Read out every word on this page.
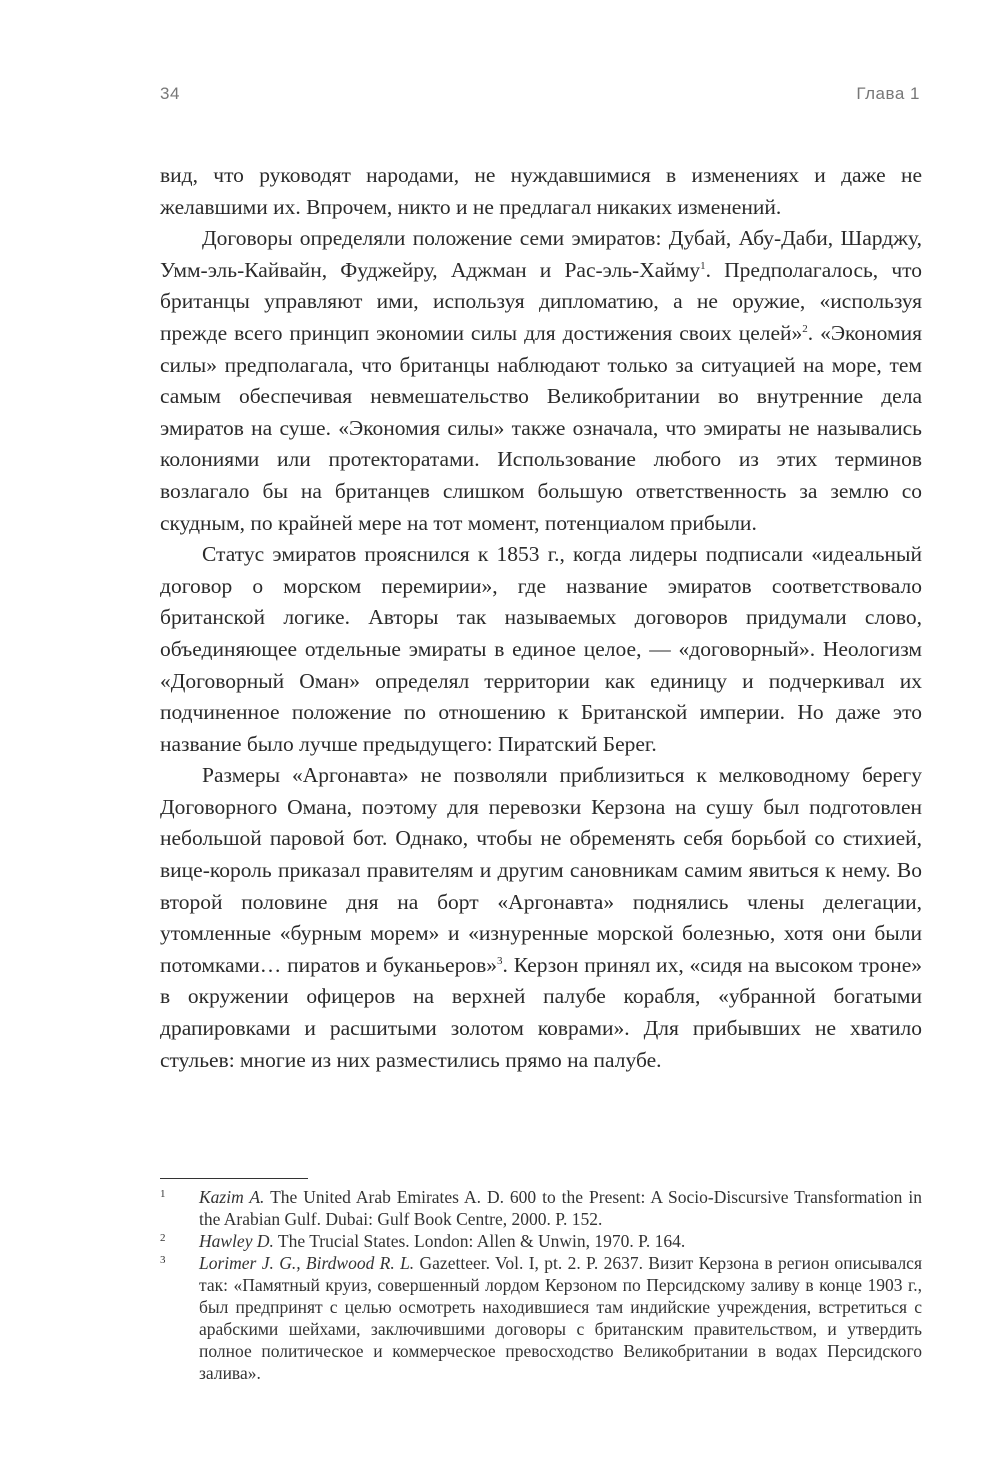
34	Глава 1

вид, что руководят народами, не нуждавшимися в изменениях и даже не желавшими их. Впрочем, никто и не предлагал никаких изменений.

Договоры определяли положение семи эмиратов: Дубай, Абу-Даби, Шарджу, Умм-эль-Кайвайн, Фуджейру, Аджман и Рас-эль-Хайму$^1$. Предполагалось, что британцы управляют ими, используя дипломатию, а не оружие, «используя прежде всего принцип экономии силы для достижения своих целей»$^2$. «Экономия силы» предполагала, что британцы наблюдают только за ситуацией на море, тем самым обеспечивая невмешательство Великобритании во внутренние дела эмиратов на суше. «Экономия силы» также означала, что эмираты не назывались колониями или протекторатами. Использование любого из этих терминов возлагало бы на британцев слишком большую ответственность за землю со скудным, по крайней мере на тот момент, потенциалом прибыли.

Статус эмиратов прояснился к 1853 г., когда лидеры подписали «идеальный договор о морском перемирии», где название эмиратов соответствовало британской логике. Авторы так называемых договоров придумали слово, объединяющее отдельные эмираты в единое целое, — «договорный». Неологизм «Договорный Оман» определял территории как единицу и подчеркивал их подчиненное положение по отношению к Британской империи. Но даже это название было лучше предыдущего: Пиратский Берег.

Размеры «Аргонавта» не позволяли приблизиться к мелководному берегу Договорного Омана, поэтому для перевозки Керзона на сушу был подготовлен небольшой паровой бот. Однако, чтобы не обременять себя борьбой со стихией, вице-король приказал правителям и другим сановникам самим явиться к нему. Во второй половине дня на борт «Аргонавта» поднялись члены делегации, утомленные «бурным морем» и «изнуренные морской болезнью, хотя они были потомками… пиратов и буканьеров»$^3$. Керзон принял их, «сидя на высоком троне» в окружении офицеров на верхней палубе корабля, «убранной богатыми драпировками и расшитыми золотом коврами». Для прибывших не хватило стульев: многие из них разместились прямо на палубе.

1 Kazim A. The United Arab Emirates A. D. 600 to the Present: A Socio-Discursive Transformation in the Arabian Gulf. Dubai: Gulf Book Centre, 2000. P. 152.
2 Hawley D. The Trucial States. London: Allen & Unwin, 1970. P. 164.
3 Lorimer J. G., Birdwood R. L. Gazetteer. Vol. I, pt. 2. P. 2637. Визит Керзона в регион описывался так: «Памятный круиз, совершенный лордом Керзоном по Персидскому заливу в конце 1903 г., был предпринят с целью осмотреть находившиеся там индийские учреждения, встретиться с арабскими шейхами, заключившими договоры с британским правительством, и утвердить полное политическое и коммерческое превосходство Великобритании в водах Персидского залива».
